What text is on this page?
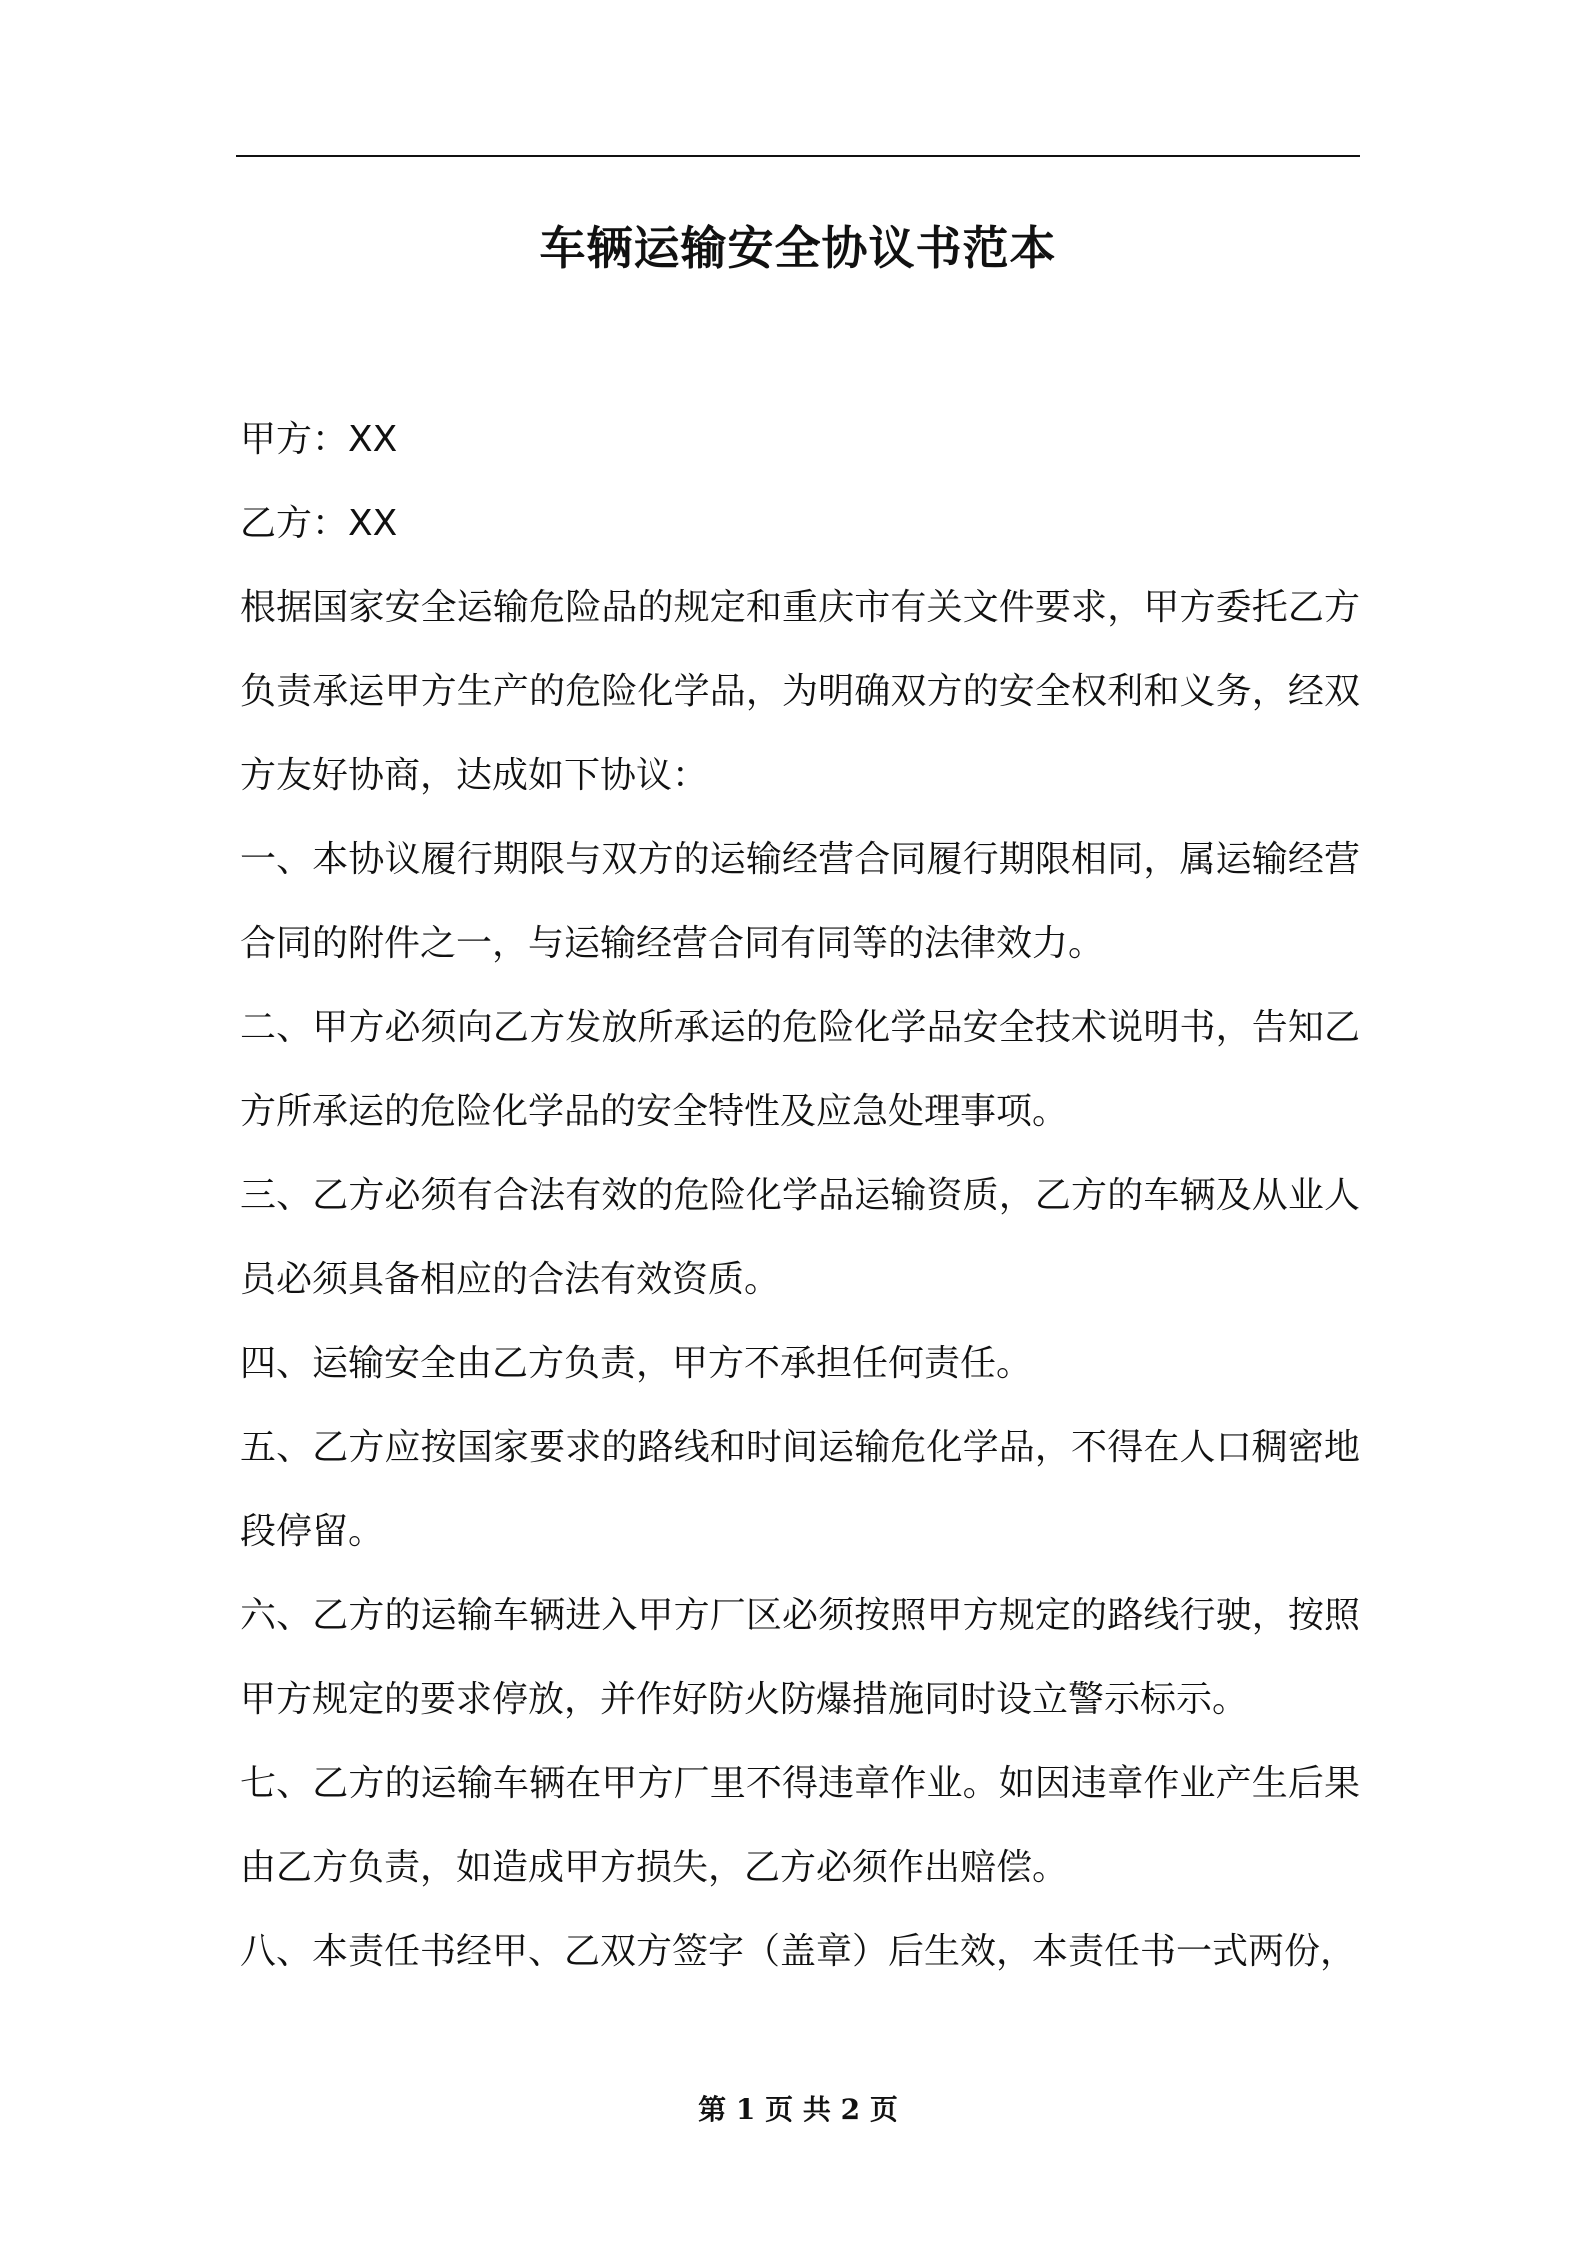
车辆运输安全协议书范本

甲方：XX

乙方：XX

根据国家安全运输危险品的规定和重庆市有关文件要求，甲方委托乙方负责承运甲方生产的危险化学品，为明确双方的安全权利和义务，经双方友好协商，达成如下协议：

一、本协议履行期限与双方的运输经营合同履行期限相同，属运输经营合同的附件之一，与运输经营合同有同等的法律效力。

二、甲方必须向乙方发放所承运的危险化学品安全技术说明书，告知乙方所承运的危险化学品的安全特性及应急处理事项。

三、乙方必须有合法有效的危险化学品运输资质，乙方的车辆及从业人员必须具备相应的合法有效资质。

四、运输安全由乙方负责，甲方不承担任何责任。

五、乙方应按国家要求的路线和时间运输危化学品，不得在人口稠密地段停留。

六、乙方的运输车辆进入甲方厂区必须按照甲方规定的路线行驶，按照甲方规定的要求停放，并作好防火防爆措施同时设立警示标示。

七、乙方的运输车辆在甲方厂里不得违章作业。如因违章作业产生后果由乙方负责，如造成甲方损失，乙方必须作出赔偿。

八、本责任书经甲、乙双方签字（盖章）后生效，本责任书一式两份，

第 1 页 共 2 页
